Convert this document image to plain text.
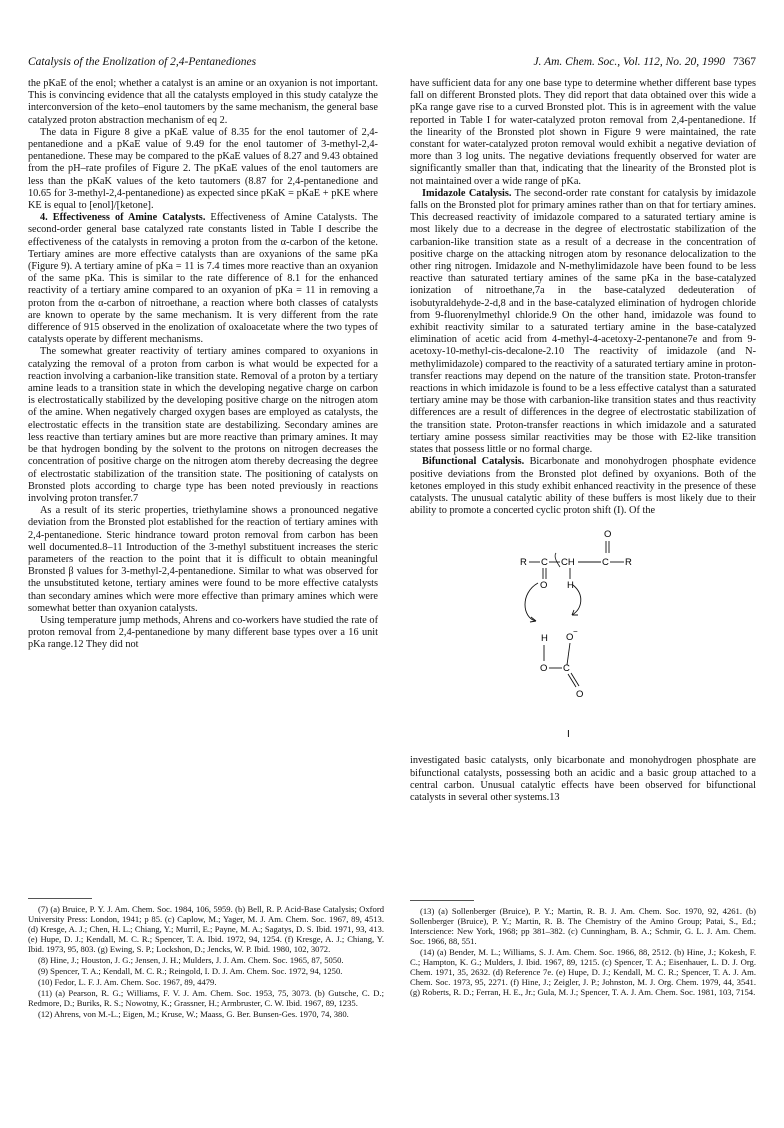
Catalysis of the Enolization of 2,4-Pentanediones	J. Am. Chem. Soc., Vol. 112, No. 20, 1990 7367

the pKaE of the enol; whether a catalyst is an amine or an oxyanion is not important. This is convincing evidence that all the catalysts employed in this study catalyze the interconversion of the keto–enol tautomers by the same mechanism, the general base catalyzed proton abstraction mechanism of eq 2.

The data in Figure 8 give a pKaE value of 8.35 for the enol tautomer of 2,4-pentanedione and a pKaE value of 9.49 for the enol tautomer of 3-methyl-2,4-pentanedione. These may be compared to the pKaE values of 8.27 and 9.43 obtained from the pH–rate profiles of Figure 2. The pKaE values of the enol tautomers are less than the pKaK values of the keto tautomers (8.87 for 2,4-pentanedione and 10.65 for 3-methyl-2,4-pentanedione) as expected since pKaK = pKaE + pKE where KE is equal to [enol]/[ketone].

4. Effectiveness of Amine Catalysts. Effectiveness of Amine Catalysts. The second-order general base catalyzed rate constants listed in Table I describe the effectiveness of the catalysts in removing a proton from the α-carbon of the ketone. Tertiary amines are more effective catalysts than are oxyanions of the same pKa (Figure 9). A tertiary amine of pKa = 11 is 7.4 times more reactive than an oxyanion of the same pKa. This is similar to the rate difference of 8.1 for the enhanced reactivity of a tertiary amine compared to an oxyanion of pKa = 11 in removing a proton from the α-carbon of nitroethane, a reaction where both classes of catalysts are known to operate by the same mechanism. It is very different from the rate difference of 915 observed in the enolization of oxaloacetate where the two types of catalysts operate by different mechanisms.

The somewhat greater reactivity of tertiary amines compared to oxyanions in catalyzing the removal of a proton from carbon is what would be expected for a reaction involving a carbanion-like transition state. Removal of a proton by a tertiary amine leads to a transition state in which the developing negative charge on carbon is electrostatically stabilized by the developing positive charge on the nitrogen atom of the amine. When negatively charged oxygen bases are employed as catalysts, the electrostatic effects in the transition state are destabilizing. Secondary amines are less reactive than tertiary amines but are more reactive than primary amines. It may be that hydrogen bonding by the solvent to the protons on nitrogen decreases the concentration of positive charge on the nitrogen atom thereby decreasing the degree of electrostatic stabilization of the transition state. The positioning of catalysts on Bronsted plots according to charge type has been noted previously in reactions involving proton transfer.7

As a result of its steric properties, triethylamine shows a pronounced negative deviation from the Bronsted plot established for the reaction of tertiary amines with 2,4-pentanedione. Steric hindrance toward proton removal from carbon has been well documented.8–11 Introduction of the 3-methyl substituent increases the steric parameters of the reaction to the point that it is difficult to obtain meaningful Bronsted β values for 3-methyl-2,4-pentanedione. Similar to what was observed for the unsubstituted ketone, tertiary amines were found to be more effective catalysts than secondary amines which were more effective than primary amines which were somewhat better than oxyanion catalysts.

Using temperature jump methods, Ahrens and co-workers have studied the rate of proton removal from 2,4-pentanedione by many different base types over a 16 unit pKa range.12 They did not

have sufficient data for any one base type to determine whether different base types fall on different Bronsted plots. They did report that data obtained over this wide a pKa range gave rise to a curved Bronsted plot. This is in agreement with the value reported in Table I for water-catalyzed proton removal from 2,4-pentanedione. If the linearity of the Bronsted plot shown in Figure 9 were maintained, the rate constant for water-catalyzed proton removal would exhibit a negative deviation of more than 3 log units. The negative deviations frequently observed for water are significantly smaller than that, indicating that the linearity of the Bronsted plot is not maintained over a wide range of pKa.

Imidazole Catalysis. The second-order rate constant for catalysis by imidazole falls on the Bronsted plot for primary amines rather than on that for tertiary amines. This decreased reactivity of imidazole compared to a saturated tertiary amine is most likely due to a decrease in the degree of electrostatic stabilization of the carbanion-like transition state as a result of a decrease in the concentration of positive charge on the attacking nitrogen atom by resonance delocalization to the other ring nitrogen. Imidazole and N-methylimidazole have been found to be less reactive than saturated tertiary amines of the same pKa in the base-catalyzed ionization of nitroethane,7a in the base-catalyzed dedeuteration of isobutyraldehyde-2-d,8 and in the base-catalyzed elimination of hydrogen chloride from 9-fluorenylmethyl chloride.9 On the other hand, imidazole was found to exhibit reactivity similar to a saturated tertiary amine in the base-catalyzed elimination of acetic acid from 4-methyl-4-acetoxy-2-pentanone7e and from 9-acetoxy-10-methyl-cis-decalone-2.10 The reactivity of imidazole (and N-methylimidazole) compared to the reactivity of a saturated tertiary amine in proton-transfer reactions may depend on the nature of the transition state. Proton-transfer reactions in which imidazole is found to be a less effective catalyst than a saturated tertiary amine may be those with carbanion-like transition states and thus reactivity differences are a result of differences in the degree of electrostatic stabilization of the transition state. Proton-transfer reactions in which imidazole and a saturated tertiary amine possess similar reactivities may be those with E2-like transition states that possess little or no formal charge.

Bifunctional Catalysis. Bicarbonate and monohydrogen phosphate evidence positive deviations from the Bronsted plot defined by oxyanions. Both of the ketones employed in this study exhibit enhanced reactivity in the presence of these catalysts. The unusual catalytic ability of these buffers is most likely due to their ability to promote a concerted cyclic proton shift (I). Of the

O
R C CH	C R
O H
H O
−
O C
O
I

investigated basic catalysts, only bicarbonate and monohydrogen phosphate are bifunctional catalysts, possessing both an acidic and a basic group attached to a central carbon. Unusual catalytic effects have been observed for bifunctional catalysts in several other systems.13

(7) (a) Bruice, P. Y. J. Am. Chem. Soc. 1984, 106, 5959. (b) Bell, R. P. Acid-Base Catalysis; Oxford University Press: London, 1941; p 85. (c) Caplow, M.; Yager, M. J. Am. Chem. Soc. 1967, 89, 4513. (d) Kresge, A. J.; Chen, H. L.; Chiang, Y.; Murril, E.; Payne, M. A.; Sagatys, D. S. Ibid. 1971, 93, 413. (e) Hupe, D. J.; Kendall, M. C. R.; Spencer, T. A. Ibid. 1972, 94, 1254. (f) Kresge, A. J.; Chiang, Y. Ibid. 1973, 95, 803. (g) Ewing, S. P.; Lockshon, D.; Jencks, W. P. Ibid. 1980, 102, 3072.

(8) Hine, J.; Houston, J. G.; Jensen, J. H.; Mulders, J. J. Am. Chem. Soc. 1965, 87, 5050.

(9) Spencer, T. A.; Kendall, M. C. R.; Reingold, I. D. J. Am. Chem. Soc. 1972, 94, 1250.

(10) Fedor, L. F. J. Am. Chem. Soc. 1967, 89, 4479.

(11) (a) Pearson, R. G.; Williams, F. V. J. Am. Chem. Soc. 1953, 75, 3073. (b) Gutsche, C. D.; Redmore, D.; Buriks, R. S.; Nowotny, K.; Grassner, H.; Armbruster, C. W. Ibid. 1967, 89, 1235.

(12) Ahrens, von M.-L.; Eigen, M.; Kruse, W.; Maass, G. Ber. Bunsen-Ges. 1970, 74, 380.

(13) (a) Sollenberger (Bruice), P. Y.; Martin, R. B. J. Am. Chem. Soc. 1970, 92, 4261. (b) Sollenberger (Bruice), P. Y.; Martin, R. B. The Chemistry of the Amino Group; Patai, S., Ed.; Interscience: New York, 1968; pp 381–382. (c) Cunningham, B. A.; Schmir, G. L. J. Am. Chem. Soc. 1966, 88, 551.

(14) (a) Bender, M. L.; Williams, S. J. Am. Chem. Soc. 1966, 88, 2512. (b) Hine, J.; Kokesh, F. C.; Hampton, K. G.; Mulders, J. Ibid. 1967, 89, 1215. (c) Spencer, T. A.; Eisenhauer, L. D. J. Org. Chem. 1971, 35, 2632. (d) Reference 7e. (e) Hupe, D. J.; Kendall, M. C. R.; Spencer, T. A. J. Am. Chem. Soc. 1973, 95, 2271. (f) Hine, J.; Zeigler, J. P.; Johnston, M. J. Org. Chem. 1979, 44, 3541. (g) Roberts, R. D.; Ferran, H. E., Jr.; Gula, M. J.; Spencer, T. A. J. Am. Chem. Soc. 1981, 103, 7154.
